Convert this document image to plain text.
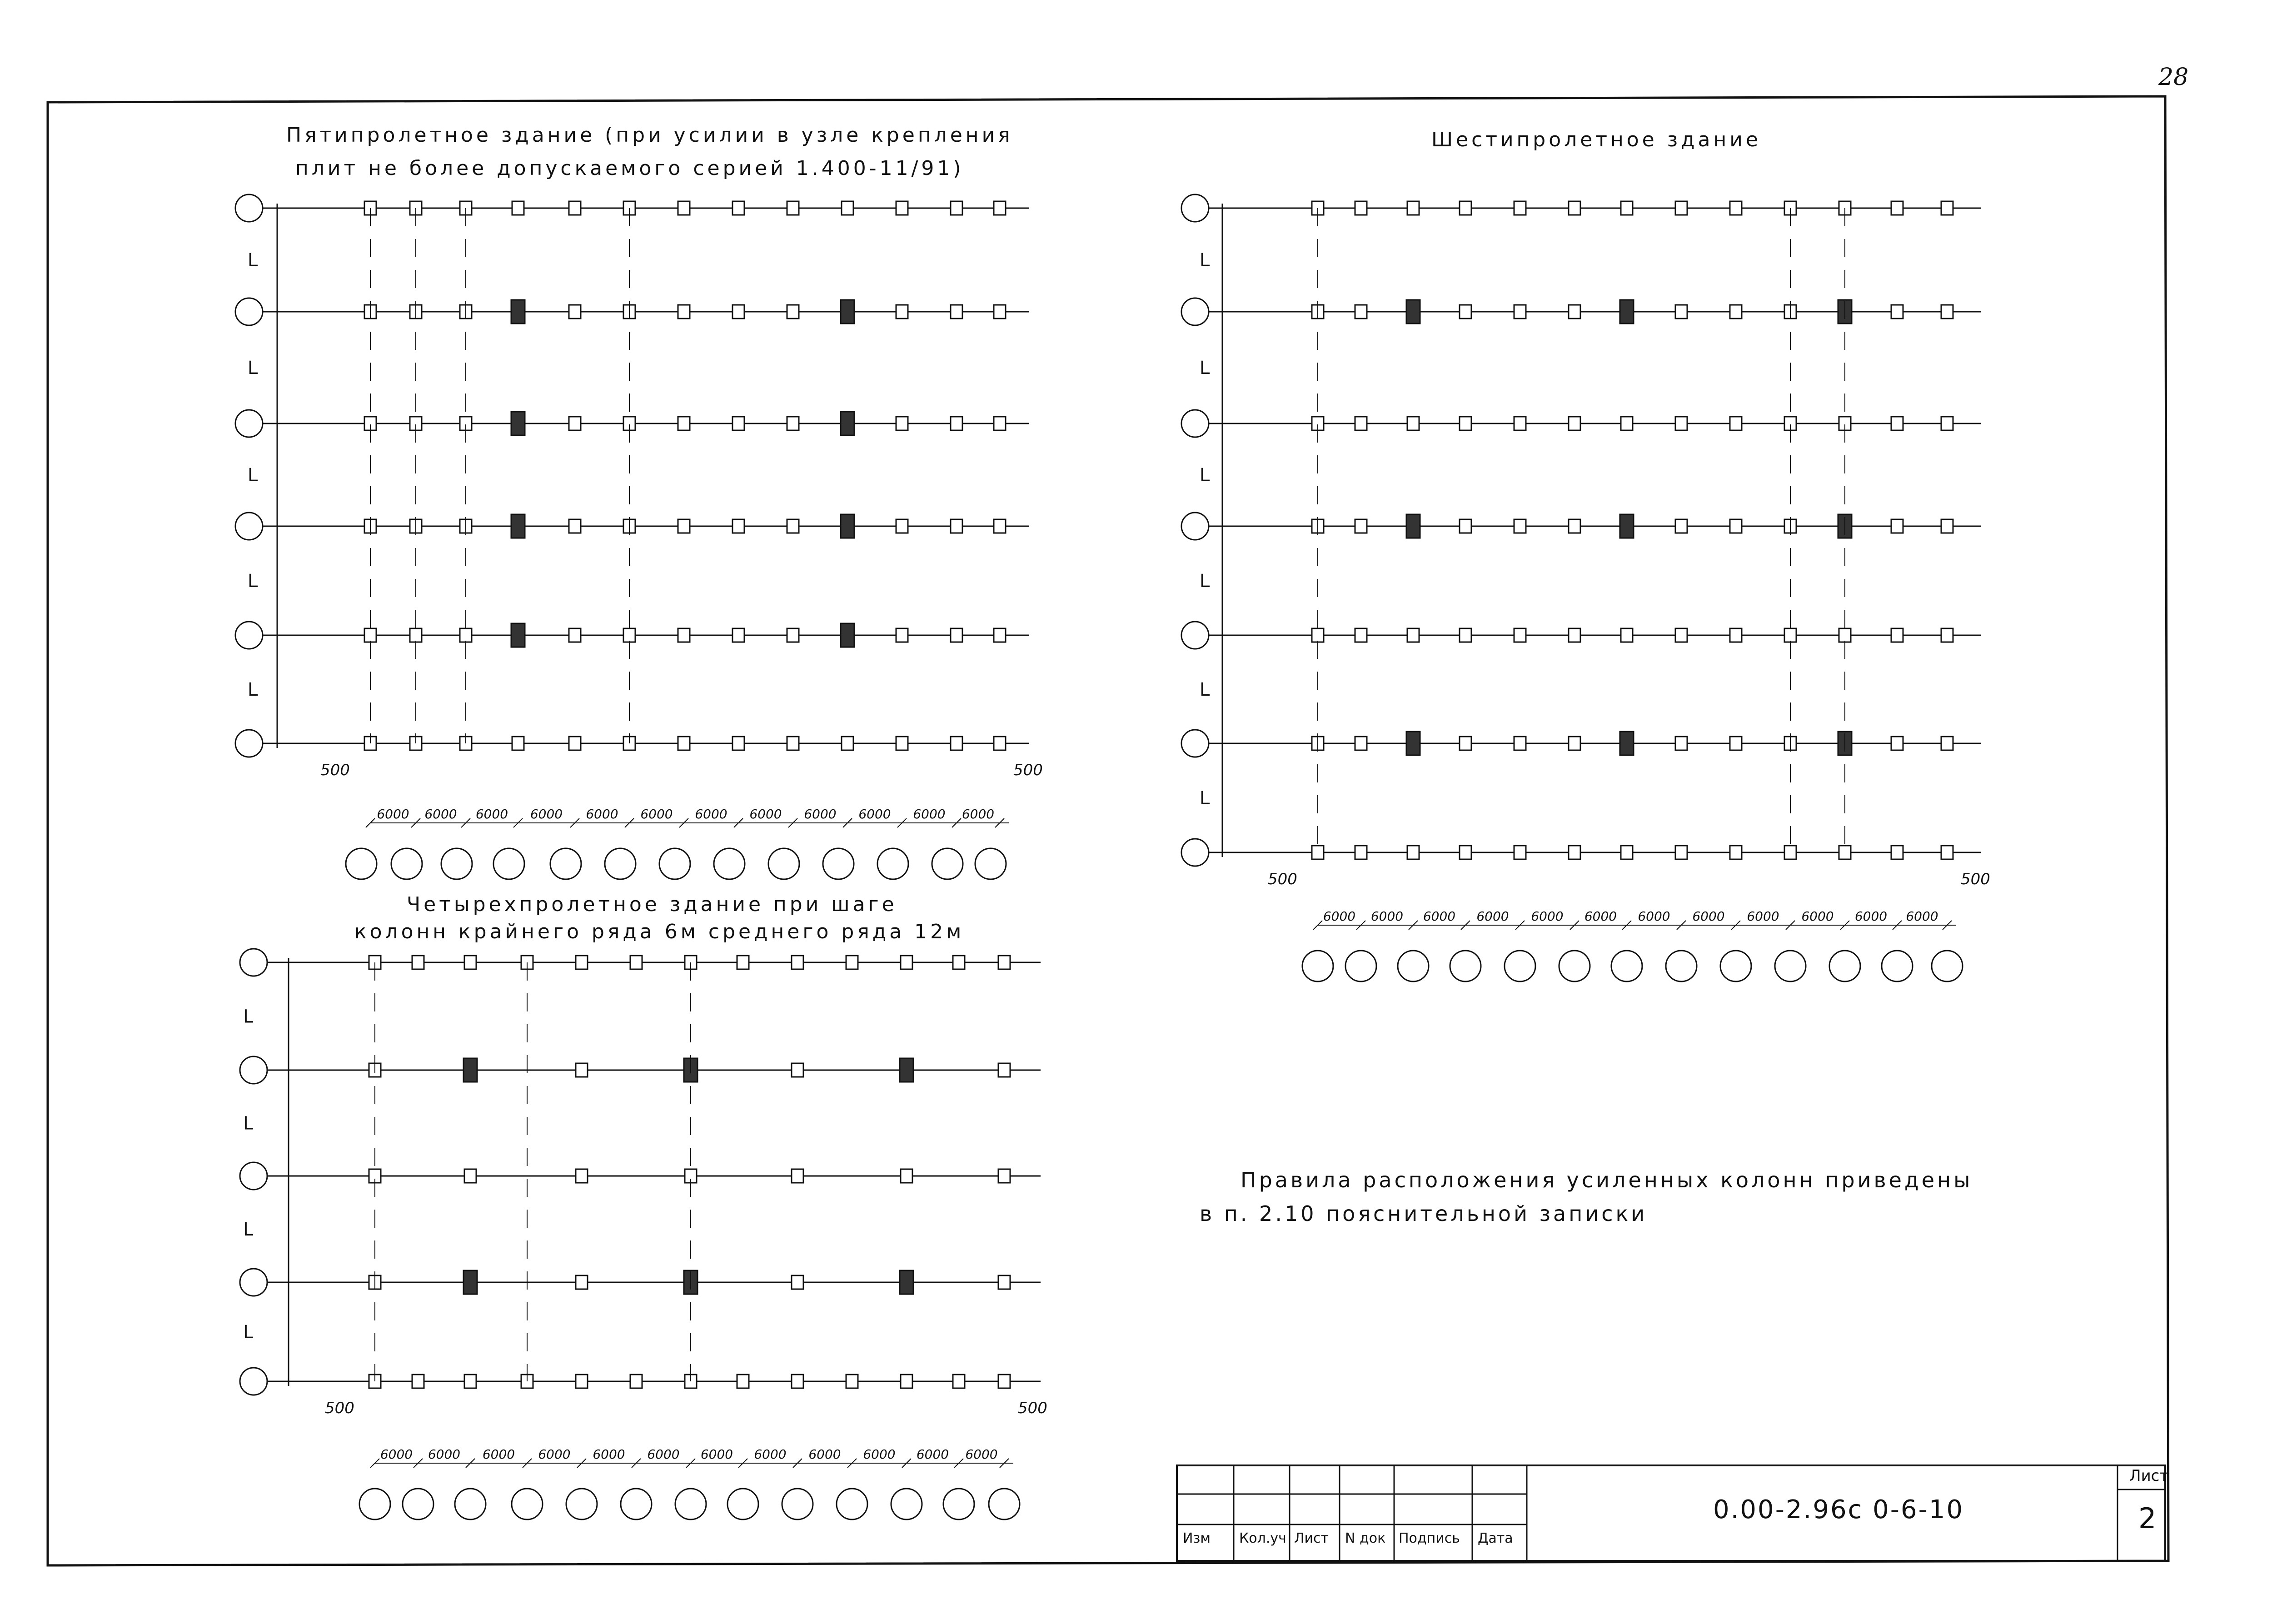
L
L
L
L
L
500	500
6000 6000 6000 6000 6000 6000 6000 6000 6000 6000 6000 6000
L
L
L
L
L
L
500	500
6000 6000 6000 6000 6000 6000 6000 6000 6000 6000 6000 6000
L
L
L
L
500	500
6000 6000 6000 6000 6000 6000 6000 6000 6000 6000 6000 6000
28
Пятипролетное здание (при усилии в узле крепления
плит не более допускаемого серией 1.400-11/91)
Шестипролетное здание
Четырехпролетное здание при шаге
колонн крайнего ряда 6м среднего ряда 12м
Правила расположения усиленных колонн приведены
в п. 2.10 пояснительной записки
Изм Кол.уч Лист N док Подпись Дата
0.00-2.96с 0-6-10
Лист
2
